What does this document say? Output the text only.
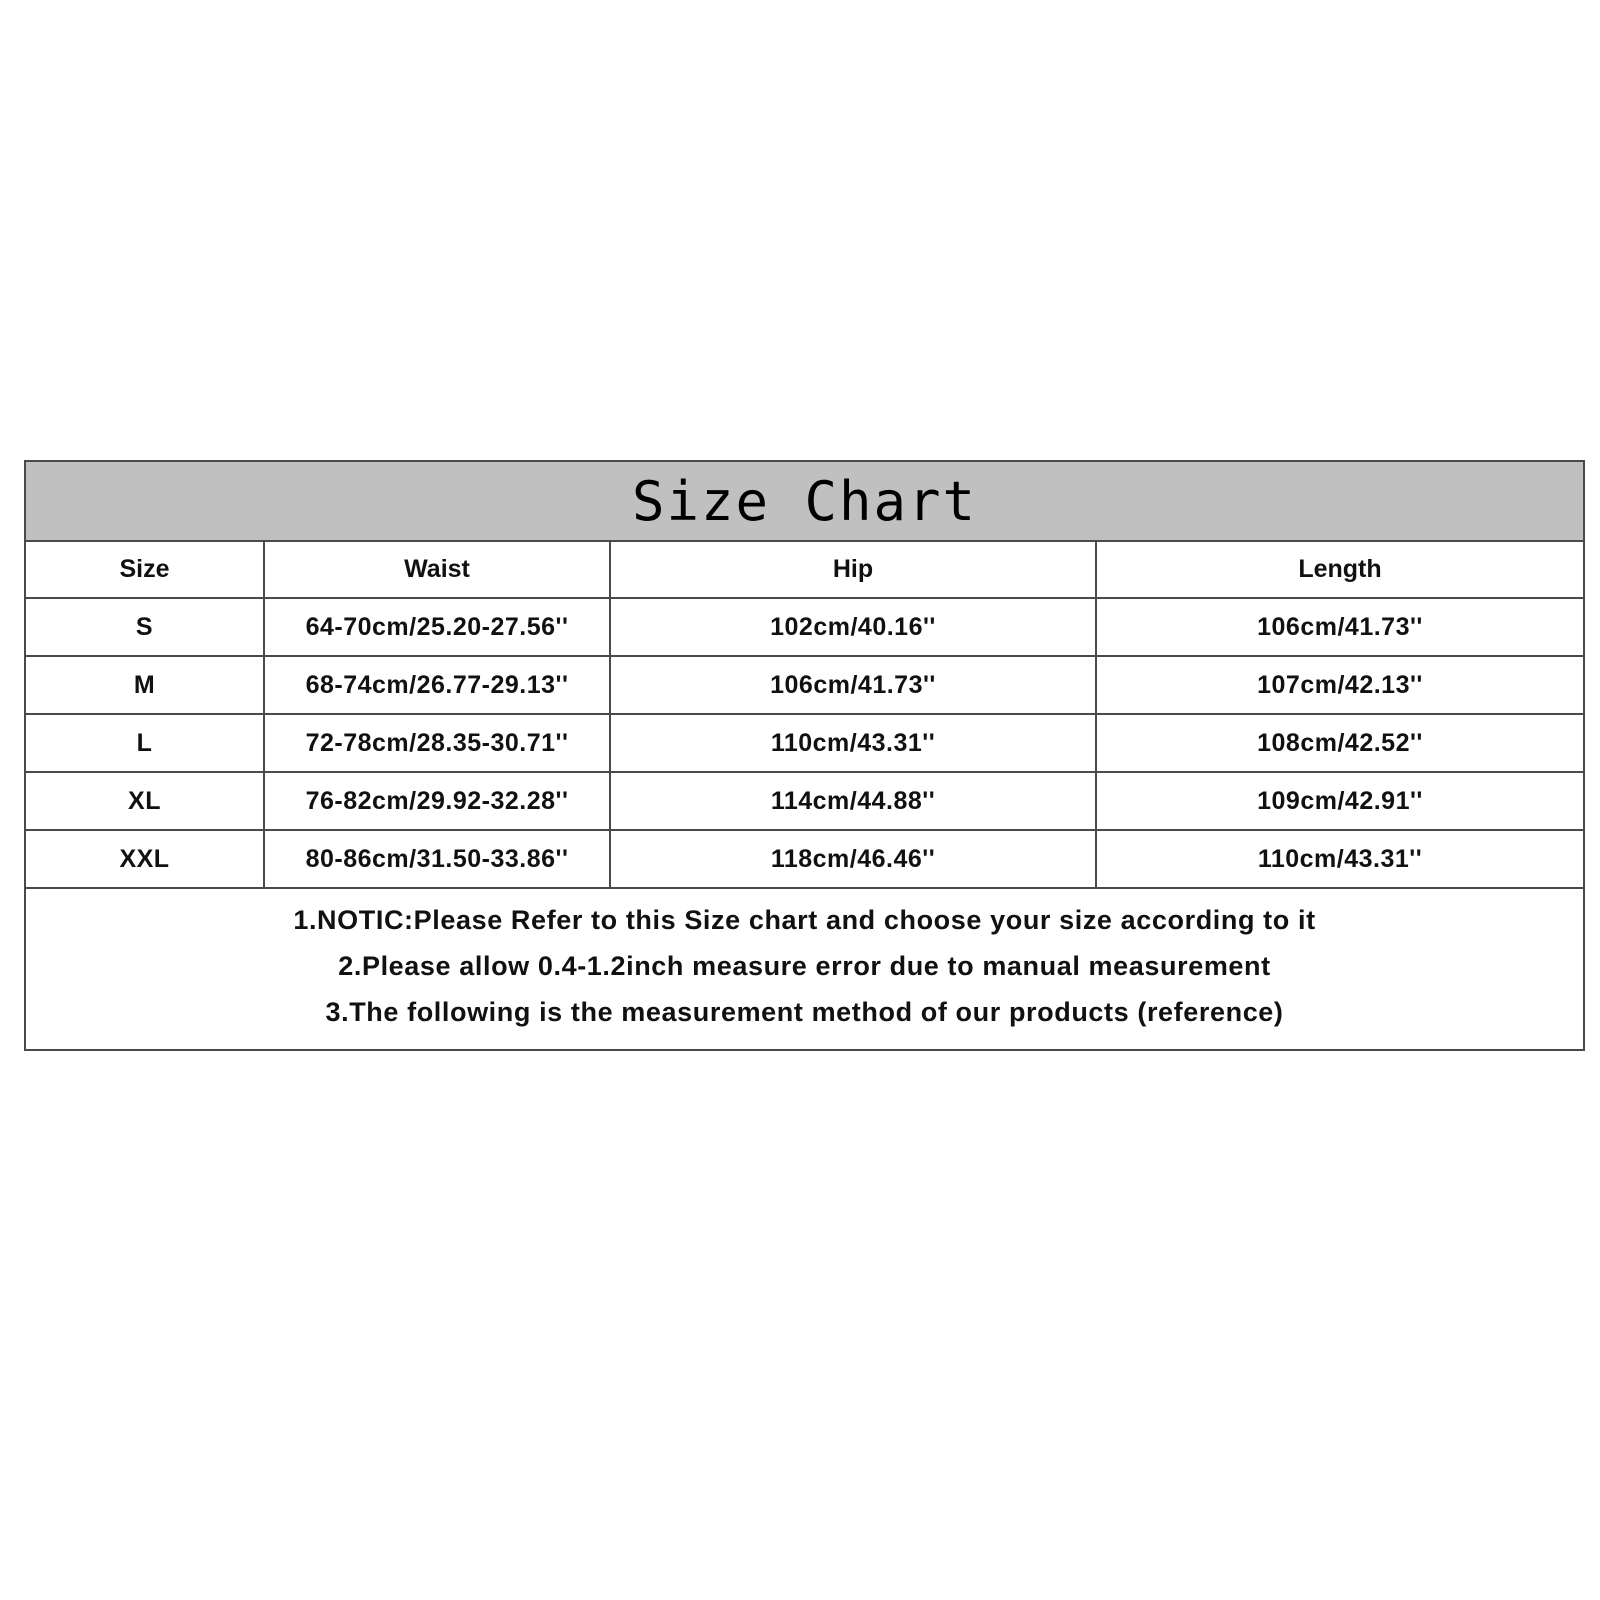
Size Chart
Size	Waist	Hip	Length
S	64-70cm/25.20-27.56''	102cm/40.16''	106cm/41.73''
M	68-74cm/26.77-29.13''	106cm/41.73''	107cm/42.13''
L	72-78cm/28.35-30.71''	110cm/43.31''	108cm/42.52''
XL	76-82cm/29.92-32.28''	114cm/44.88''	109cm/42.91''
XXL	80-86cm/31.50-33.86''	118cm/46.46''	110cm/43.31''
1.NOTIC:Please Refer to this Size chart and choose your size according to it
2.Please allow 0.4-1.2inch measure error due to manual measurement
3.The following is the measurement method of our products (reference)
